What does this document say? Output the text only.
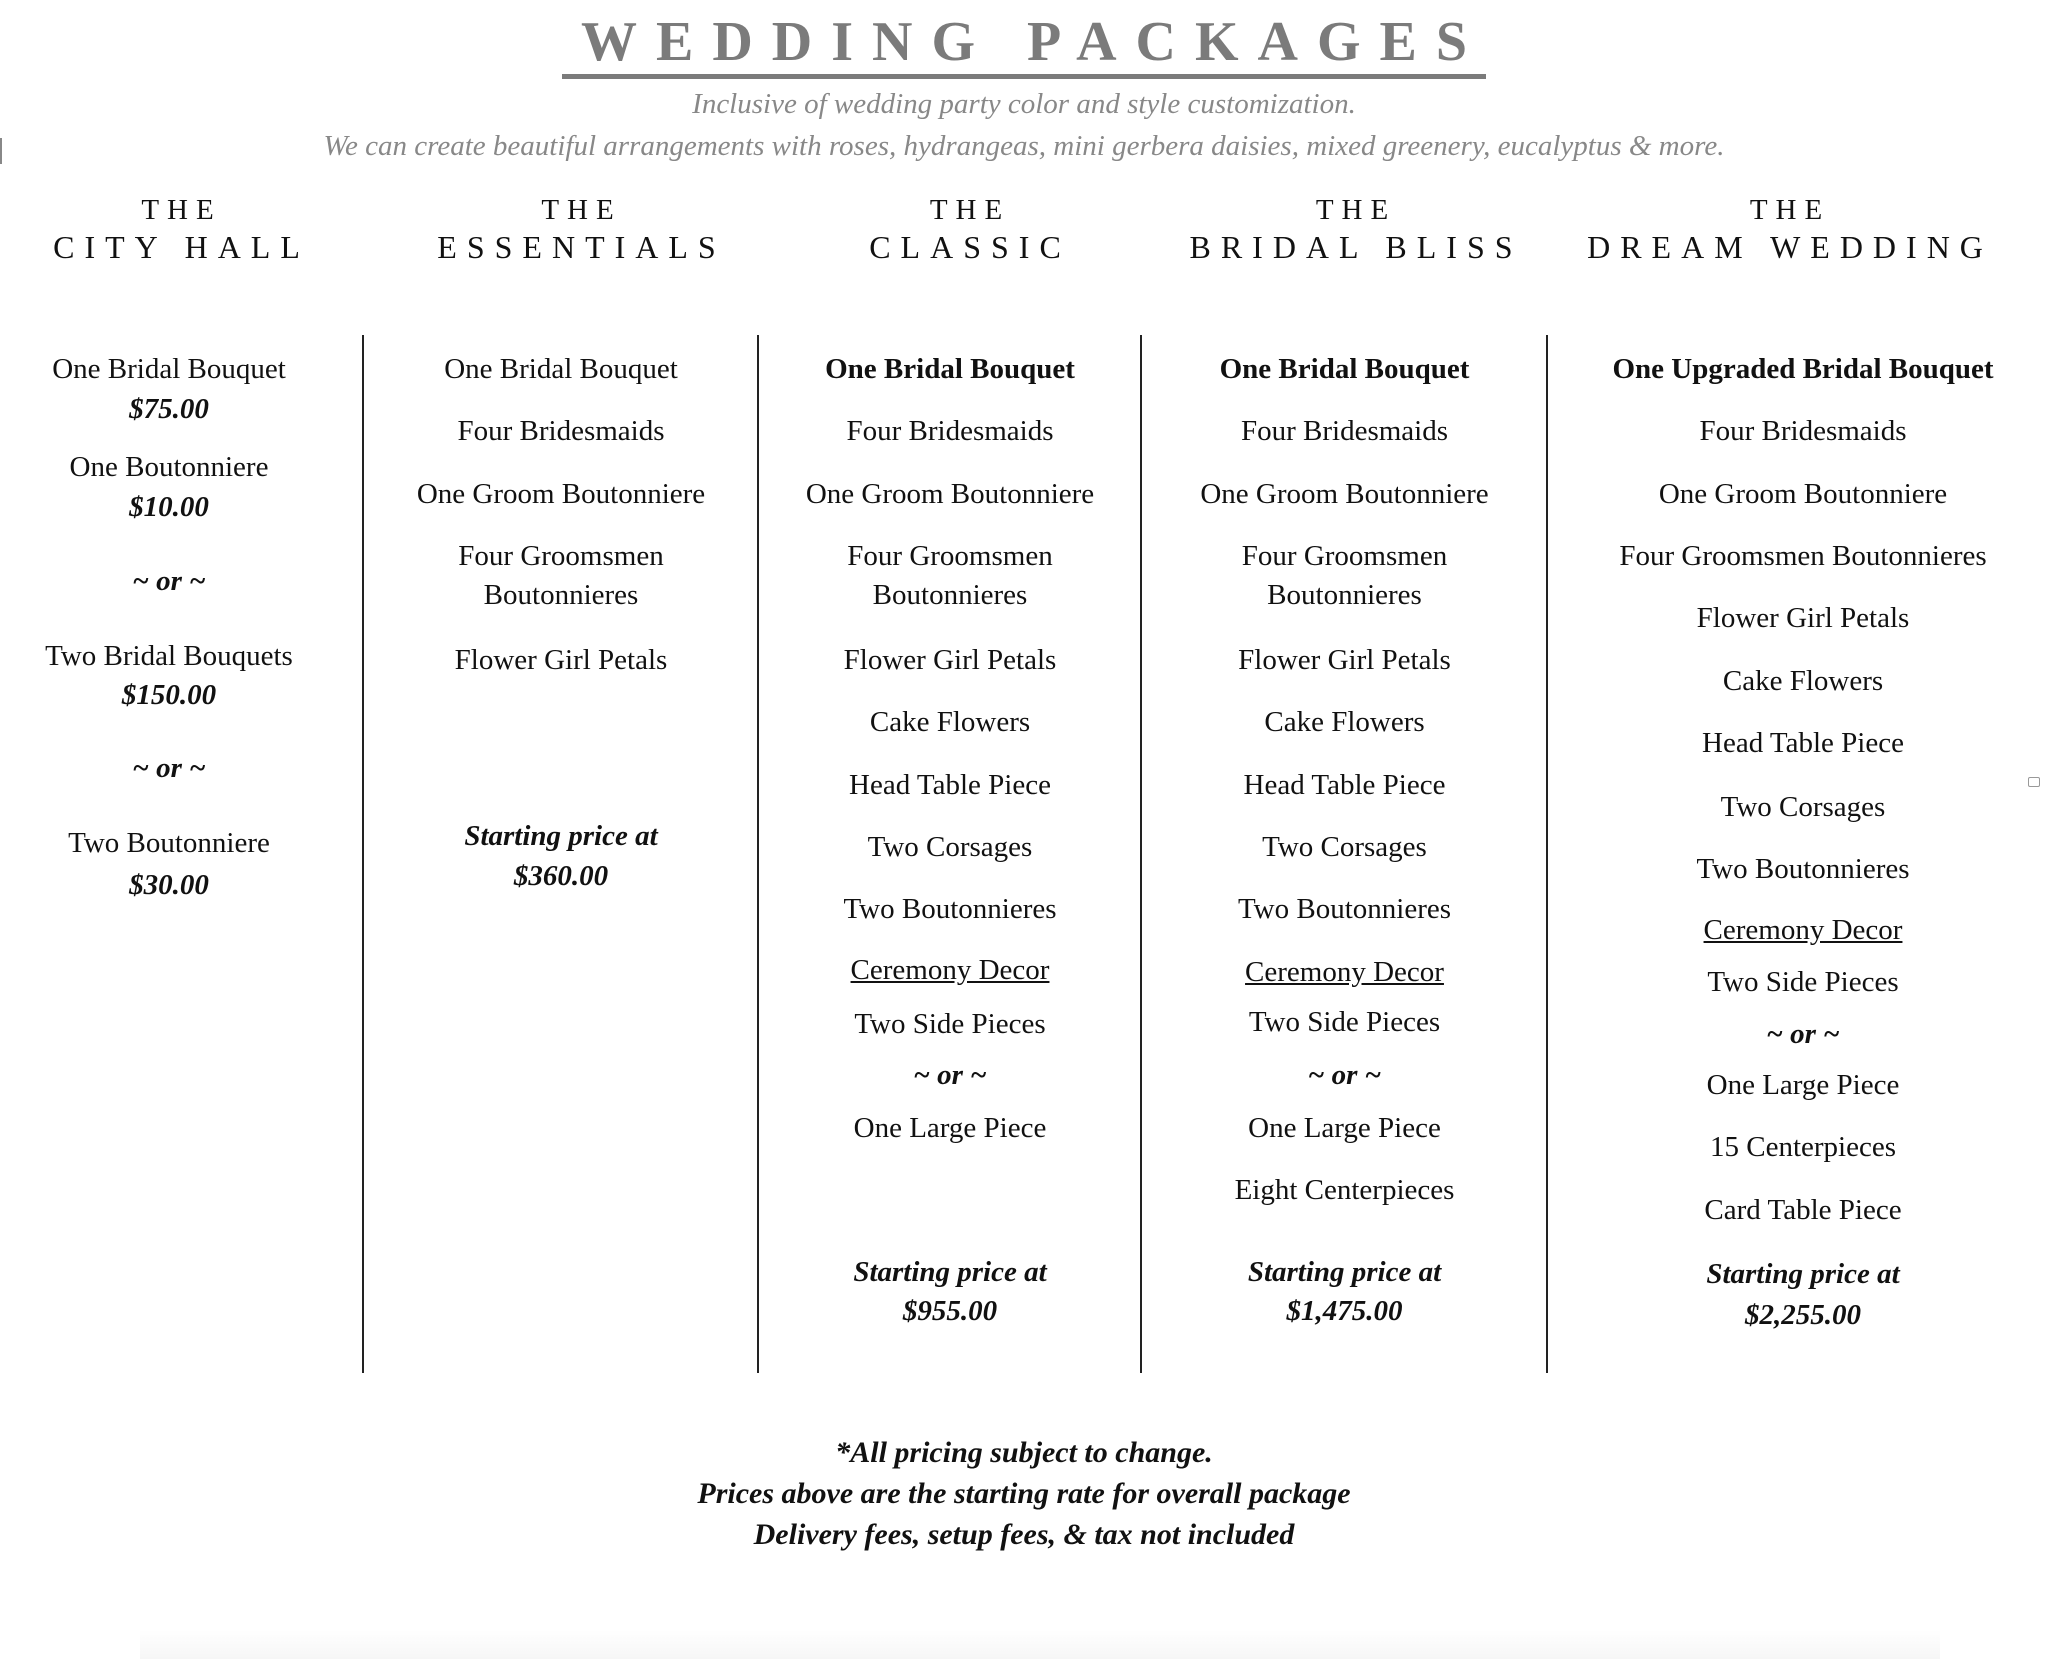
WEDDING PACKAGES
Inclusive of wedding party color and style customization.
We can create beautiful arrangements with roses, hydrangeas, mini gerbera daisies, mixed greenery, eucalyptus & more.
THE
CITY HALL
THE
ESSENTIALS
THE
CLASSIC
THE
BRIDAL BLISS
THE
DREAM WEDDING
One Bridal Bouquet
$75.00
One Boutonniere
$10.00
~ or ~
Two Bridal Bouquets
$150.00
~ or ~
Two Boutonniere
$30.00
One Bridal Bouquet
Four Bridesmaids
One Groom Boutonniere
Four Groomsmen
Boutonnieres
Flower Girl Petals
Starting price at
$360.00
One Bridal Bouquet
Four Bridesmaids
One Groom Boutonniere
Four Groomsmen
Boutonnieres
Flower Girl Petals
Cake Flowers
Head Table Piece
Two Corsages
Two Boutonnieres
Ceremony Decor
Two Side Pieces
~ or ~
One Large Piece
Starting price at
$955.00
One Bridal Bouquet
Four Bridesmaids
One Groom Boutonniere
Four Groomsmen
Boutonnieres
Flower Girl Petals
Cake Flowers
Head Table Piece
Two Corsages
Two Boutonnieres
Ceremony Decor
Two Side Pieces
~ or ~
One Large Piece
Eight Centerpieces
Starting price at
$1,475.00
One Upgraded Bridal Bouquet
Four Bridesmaids
One Groom Boutonniere
Four Groomsmen Boutonnieres
Flower Girl Petals
Cake Flowers
Head Table Piece
Two Corsages
Two Boutonnieres
Ceremony Decor
Two Side Pieces
~ or ~
One Large Piece
15 Centerpieces
Card Table Piece
Starting price at
$2,255.00
*All pricing subject to change.
Prices above are the starting rate for overall package
Delivery fees, setup fees, & tax not included
